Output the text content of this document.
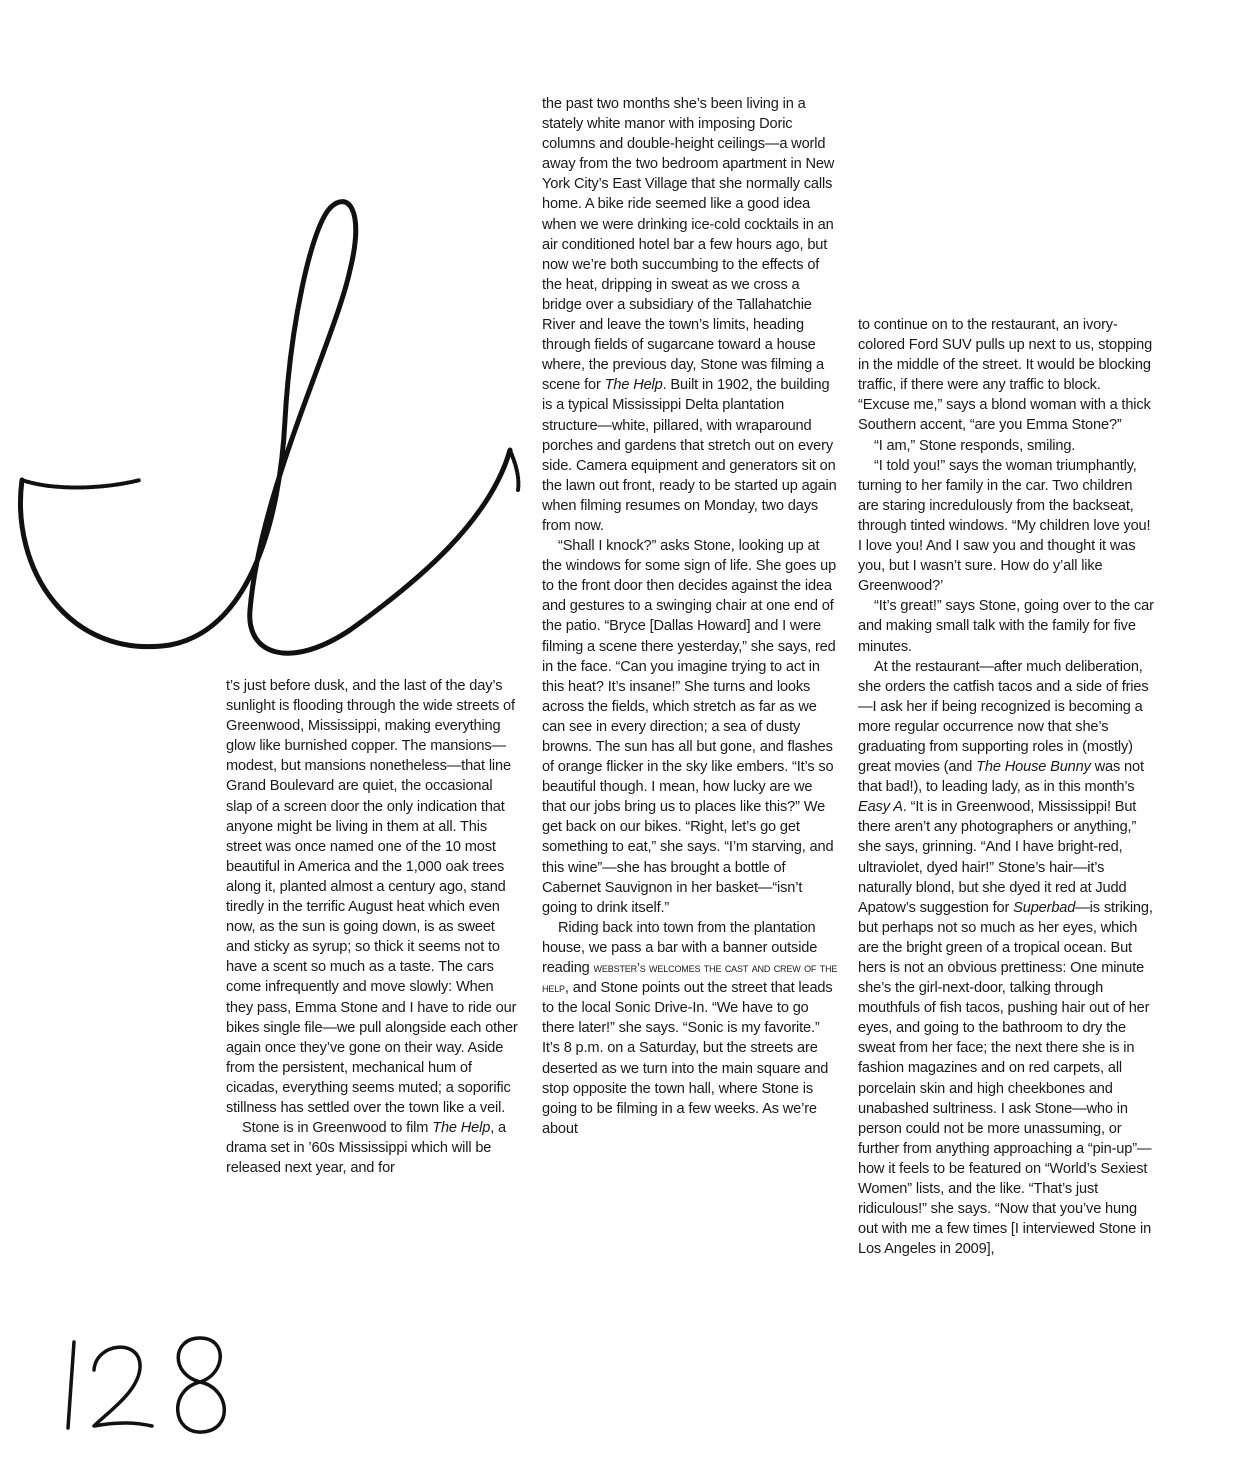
t’s just before dusk, and the last of the day’s sunlight is flooding through the wide streets of Greenwood, Mississippi, making everything glow like burnished copper. The mansions—modest, but mansions nonetheless—that line Grand Boulevard are quiet, the occasional slap of a screen door the only indication that anyone might be living in them at all. This street was once named one of the 10 most beautiful in America and the 1,000 oak trees along it, planted almost a century ago, stand tiredly in the terrific August heat which even now, as the sun is going down, is as sweet and sticky as syrup; so thick it seems not to have a scent so much as a taste. The cars come infrequently and move slowly: When they pass, Emma Stone and I have to ride our bikes single file—we pull alongside each other again once they’ve gone on their way. Aside from the persistent, mechanical hum of cicadas, everything seems muted; a soporific stillness has settled over the town like a veil.

Stone is in Greenwood to film The Help, a drama set in ’60s Mississippi which will be released next year, and for

the past two months she’s been living in a stately white manor with imposing Doric columns and double-height ceilings—a world away from the two bedroom apartment in New York City’s East Village that she normally calls home. A bike ride seemed like a good idea when we were drinking ice-cold cocktails in an air conditioned hotel bar a few hours ago, but now we’re both succumbing to the effects of the heat, dripping in sweat as we cross a bridge over a subsidiary of the Tallahatchie River and leave the town’s limits, heading through fields of sugarcane toward a house where, the previous day, Stone was filming a scene for The Help. Built in 1902, the building is a typical Mississippi Delta plantation structure—white, pillared, with wraparound porches and gardens that stretch out on every side. Camera equipment and generators sit on the lawn out front, ready to be started up again when filming resumes on Monday, two days from now.

“Shall I knock?” asks Stone, looking up at the windows for some sign of life. She goes up to the front door then decides against the idea and gestures to a swinging chair at one end of the patio. “Bryce [Dallas Howard] and I were filming a scene there yesterday,” she says, red in the face. “Can you imagine trying to act in this heat? It’s insane!” She turns and looks across the fields, which stretch as far as we can see in every direction; a sea of dusty browns. The sun has all but gone, and flashes of orange flicker in the sky like embers. “It’s so beautiful though. I mean, how lucky are we that our jobs bring us to places like this?” We get back on our bikes. “Right, let’s go get something to eat,” she says. “I’m starving, and this wine”—she has brought a bottle of Cabernet Sauvignon in her basket—“isn’t going to drink itself.”

Riding back into town from the plantation house, we pass a bar with a banner outside reading webster’s welcomes the cast and crew of the help, and Stone points out the street that leads to the local Sonic Drive-In. “We have to go there later!” she says. “Sonic is my favorite.” It’s 8 p.m. on a Saturday, but the streets are deserted as we turn into the main square and stop opposite the town hall, where Stone is going to be filming in a few weeks. As we’re about

to continue on to the restaurant, an ivory-colored Ford SUV pulls up next to us, stopping in the middle of the street. It would be blocking traffic, if there were any traffic to block. “Excuse me,” says a blond woman with a thick Southern accent, “are you Emma Stone?”

“I am,” Stone responds, smiling.

“I told you!” says the woman triumphantly, turning to her family in the car. Two children are staring incredulously from the backseat, through tinted windows. “My children love you! I love you! And I saw you and thought it was you, but I wasn’t sure. How do y’all like Greenwood?’

“It’s great!” says Stone, going over to the car and making small talk with the family for five minutes.

At the restaurant—after much deliberation, she orders the catfish tacos and a side of fries—I ask her if being recognized is becoming a more regular occurrence now that she’s graduating from supporting roles in (mostly) great movies (and The House Bunny was not that bad!), to leading lady, as in this month’s Easy A. “It is in Greenwood, Mississippi! But there aren’t any photographers or anything,” she says, grinning. “And I have bright-red, ultraviolet, dyed hair!” Stone’s hair—it’s naturally blond, but she dyed it red at Judd Apatow’s suggestion for Superbad—is striking, but perhaps not so much as her eyes, which are the bright green of a tropical ocean. But hers is not an obvious prettiness: One minute she’s the girl-next-door, talking through mouthfuls of fish tacos, pushing hair out of her eyes, and going to the bathroom to dry the sweat from her face; the next there she is in fashion magazines and on red carpets, all porcelain skin and high cheekbones and unabashed sultriness. I ask Stone—who in person could not be more unassuming, or further from anything approaching a “pin-up”—how it feels to be featured on “World’s Sexiest Women” lists, and the like. “That’s just ridiculous!” she says. “Now that you’ve hung out with me a few times [I interviewed Stone in Los Angeles in 2009],
